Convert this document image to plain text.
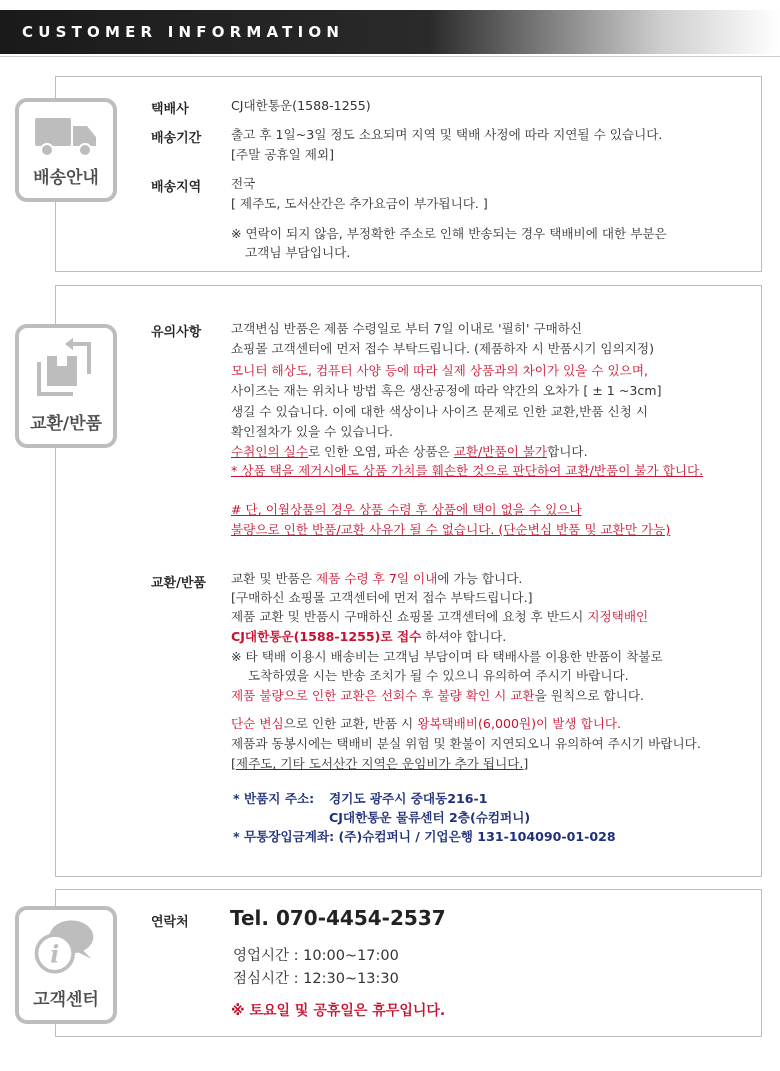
CUSTOMER INFORMATION
배송안내
택배사	CJ대한통운(1588-1255)
배송기간 출고 후 1일~3일 정도 소요되며 지역 및 택배 사정에 따라 지연될 수 있습니다.
[주말 공휴일 제외]
배송지역 전국
[ 제주도, 도서산간은 추가요금이 부가됩니다. ]
※ 연락이 되지 않음, 부정확한 주소로 인해 반송되는 경우 택배비에 대한 부분은
고객님 부담입니다.
교환/반품
유의사항 고객변심 반품은 제품 수령일로 부터 7일 이내로 '필히' 구매하신
쇼핑몰 고객센터에 먼저 접수 부탁드립니다. (제품하자 시 반품시기 임의지정)
모니터 해상도, 컴퓨터 사양 등에 따라 실제 상품과의 차이가 있을 수 있으며,
사이즈는 재는 위치나 방법 혹은 생산공정에 따라 약간의 오차가 [ ± 1 ~3cm]
생길 수 있습니다. 이에 대한 색상이나 사이즈 문제로 인한 교환,반품 신청 시
확인절차가 있을 수 있습니다.
수취인의 실수로 인한 오염, 파손 상품은 교환/반품이 불가합니다.
* 상품 택을 제거시에도 상품 가치를 훼손한 것으로 판단하여 교환/반품이 불가 합니다.
# 단, 이월상품의 경우 상품 수령 후 상품에 택이 없을 수 있으나
불량으로 인한 반품/교환 사유가 될 수 없습니다. (단순변심 반품 및 교환만 가능)
교환/반품 교환 및 반품은 제품 수령 후 7일 이내에 가능 합니다.
[구매하신 쇼핑몰 고객센터에 먼저 접수 부탁드립니다.]
제품 교환 및 반품시 구매하신 쇼핑몰 고객센터에 요청 후 반드시 지정택배인
CJ대한통운(1588-1255)로 접수 하셔야 합니다.
※ 타 택배 이용시 배송비는 고객님 부담이며 타 택배사를 이용한 반품이 착불로
도착하였을 시는 반송 조치가 될 수 있으니 유의하여 주시기 바랍니다.
제품 불량으로 인한 교환은 선회수 후 불량 확인 시 교환을 원칙으로 합니다.
단순 변심으로 인한 교환, 반품 시 왕복택배비(6,000원)이 발생 합니다.
제품과 동봉시에는 택배비 분실 위험 및 환불이 지연되오니 유의하여 주시기 바랍니다.
[제주도, 기타 도서산간 지역은 운임비가 추가 됩니다.]
* 반품지 주소: 경기도 광주시 중대동216-1
CJ대한통운 물류센터 2층(슈컴퍼니)
* 무통장입금계좌: (주)슈컴퍼니 / 기업은행 131-104090-01-028
i
고객센터
연락처 Tel. 070-4454-2537
영업시간 : 10:00~17:00
점심시간 : 12:30~13:30
※ 토요일 및 공휴일은 휴무입니다.
